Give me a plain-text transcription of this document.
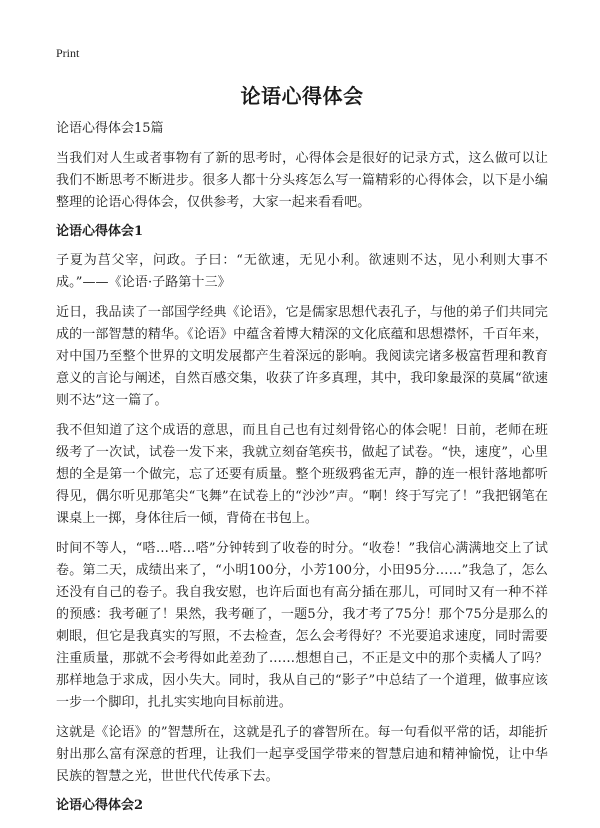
Print
论语心得体会
论语心得体会15篇

当我们对人生或者事物有了新的思考时，心得体会是很好的记录方式，这么做可以让我们不断思考不断进步。很多人都十分头疼怎么写一篇精彩的心得体会，以下是小编整理的论语心得体会，仅供参考，大家一起来看看吧。

论语心得体会1

子夏为莒父宰，问政。子曰：“无欲速，无见小利。欲速则不达，见小利则大事不成。”——《论语·子路第十三》

近日，我品读了一部国学经典《论语》，它是儒家思想代表孔子，与他的弟子们共同完成的一部智慧的精华。《论语》中蕴含着博大精深的文化底蕴和思想襟怀，千百年来，对中国乃至整个世界的文明发展都产生着深远的影响。我阅读完诸多极富哲理和教育意义的言论与阐述，自然百感交集，收获了许多真理，其中，我印象最深的莫属“欲速则不达”这一篇了。

我不但知道了这个成语的意思，而且自己也有过刻骨铭心的体会呢！日前，老师在班级考了一次试，试卷一发下来，我就立刻奋笔疾书，做起了试卷。“快，速度”，心里想的全是第一个做完，忘了还要有质量。整个班级鸦雀无声，静的连一根针落地都听得见，偶尔听见那笔尖“飞舞”在试卷上的“沙沙”声。“啊！终于写完了！”我把钢笔在课桌上一掷，身体往后一倾，背倚在书包上。

时间不等人，“嗒…嗒…嗒”分钟转到了收卷的时分。“收卷！”我信心满满地交上了试卷。第二天，成绩出来了，“小明100分，小芳100分，小田95分……”我急了，怎么还没有自己的卷子。我自我安慰，也许后面也有高分插在那儿，可同时又有一种不祥的预感：我考砸了！果然，我考砸了，一题5分，我才考了75分！那个75分是那么的刺眼，但它是我真实的写照，不去检查，怎么会考得好？不光要追求速度，同时需要注重质量，那就不会考得如此差劲了……想想自己，不正是文中的那个卖橘人了吗？那样地急于求成，因小失大。同时，我从自己的“影子”中总结了一个道理，做事应该一步一个脚印，扎扎实实地向目标前进。

这就是《论语》的”智慧所在，这就是孔子的睿智所在。每一句看似平常的话，却能折射出那么富有深意的哲理，让我们一起享受国学带来的智慧启迪和精神愉悦，让中华民族的智慧之光，世世代代传承下去。

论语心得体会2
